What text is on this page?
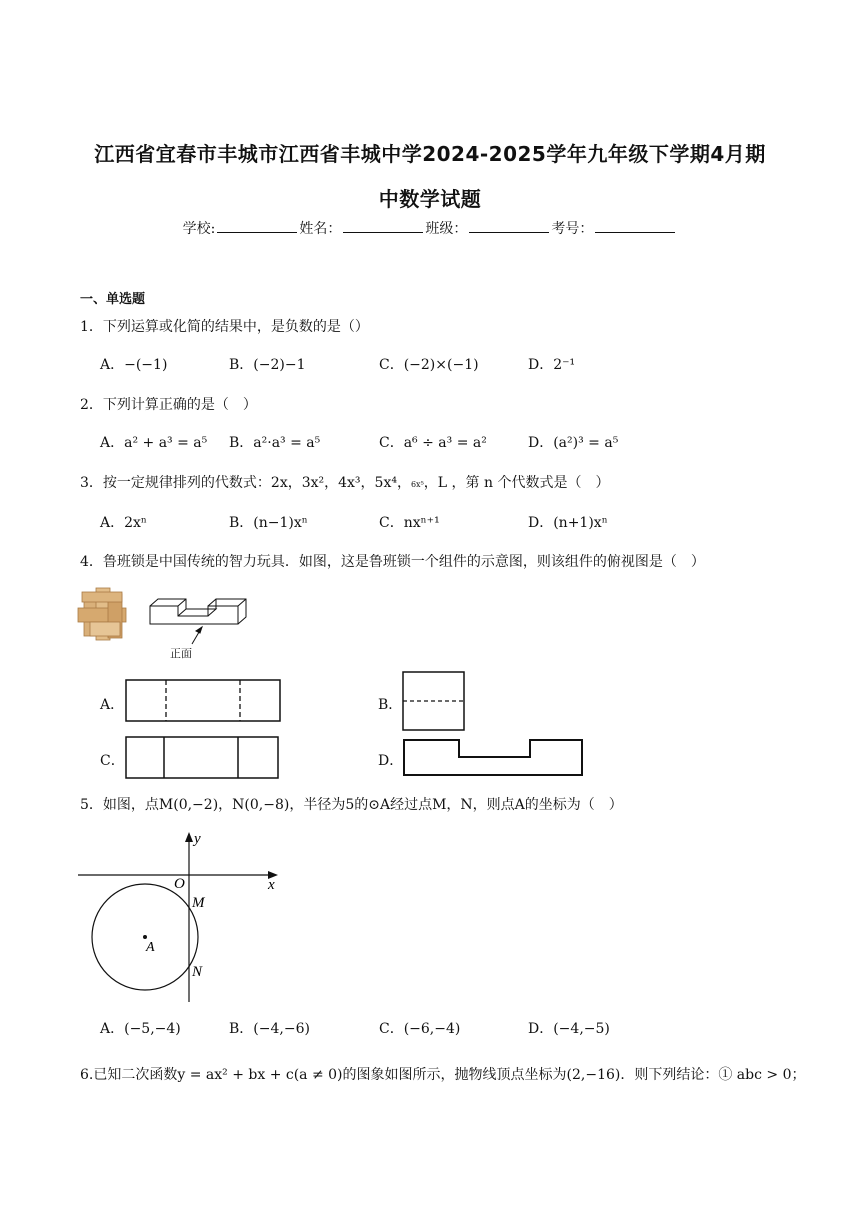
江西省宜春市丰城市江西省丰城中学2024-2025学年九年级下学期4月期
中数学试题
学校:	姓名：	班级：	考号：
一、单选题
1．下列运算或化简的结果中，是负数的是（）
A．−(−1)	B．(−2)−1	C．(−2)×(−1)	D．2⁻¹
2．下列计算正确的是（　）
A．a² + a³ = a⁵ B．a²·a³ = a⁵	C．a⁶ ÷ a³ = a²	D．(a²)³ = a⁵
3．按一定规律排列的代数式：2x，3x²，4x³，5x⁴，6x⁵，L ，第 n 个代数式是（　）
A．2xⁿ	B．(n−1)xⁿ	C．nxⁿ⁺¹	D．(n+1)xⁿ
4．鲁班锁是中国传统的智力玩具．如图，这是鲁班锁一个组件的示意图，则该组件的俯视图是（　）
正面
A．	B．
C．	D．
5．如图，点M(0,−2)，N(0,−8)，半径为5的⊙A经过点M，N，则点A的坐标为（　）
y
x
O
M
A
N
A．(−5,−4)	B．(−4,−6)	C．(−6,−4)	D．(−4,−5)
6.已知二次函数y = ax² + bx + c(a ≠ 0)的图象如图所示，抛物线顶点坐标为(2,−16)．则下列结论：① abc > 0；
